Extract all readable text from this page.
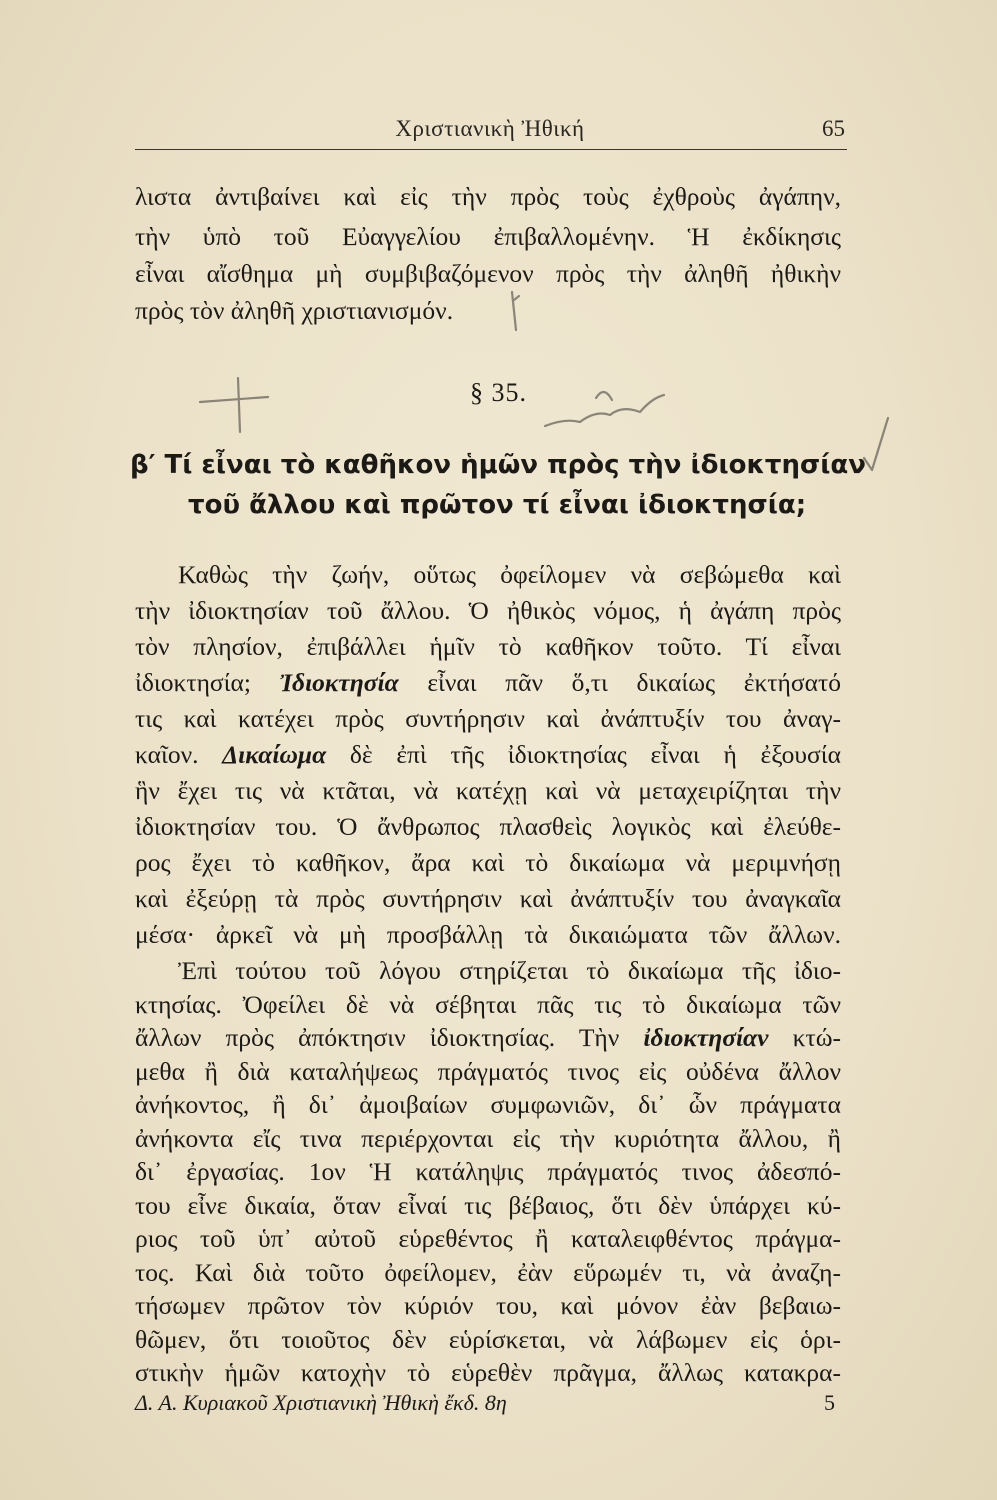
Χριστιανικὴ Ἠθική	65
λιστα ἀντιβαίνει καὶ εἰς τὴν πρὸς τοὺς ἐχθροὺς ἀγάπην,
τὴν ὑπὸ τοῦ Εὐαγγελίου ἐπιβαλλομένην. Ἡ ἐκδίκησις
εἶναι αἴσθημα μὴ συμβιβαζόμενον πρὸς τὴν ἀληθῆ ἠθικὴν
πρὸς τὸν ἀληθῆ χριστιανισμόν.
§ 35.
β′ Τί εἶναι τὸ καθῆκον ἡμῶν πρὸς τὴν ἰδιοκτησίαν
τοῦ ἄλλου καὶ πρῶτον τί εἶναι ἰδιοκτησία;
Καθὼς τὴν ζωήν, οὕτως ὀφείλομεν νὰ σεβώμεθα καὶ
τὴν ἰδιοκτησίαν τοῦ ἄλλου. Ὁ ἠθικὸς νόμος, ἡ ἀγάπη πρὸς
τὸν πλησίον, ἐπιβάλλει ἡμῖν τὸ καθῆκον τοῦτο. Τί εἶναι
ἰδιοκτησία; Ἰδιοκτησία εἶναι πᾶν ὅ,τι δικαίως ἐκτήσατό
τις καὶ κατέχει πρὸς συντήρησιν καὶ ἀνάπτυξίν του ἀναγ-
καῖον. Δικαίωμα δὲ ἐπὶ τῆς ἰδιοκτησίας εἶναι ἡ ἐξουσία
ἣν ἔχει τις νὰ κτᾶται, νὰ κατέχῃ καὶ νὰ μεταχειρίζηται τὴν
ἰδιοκτησίαν του. Ὁ ἄνθρωπος πλασθεὶς λογικὸς καὶ ἐλεύθε-
ρος ἔχει τὸ καθῆκον, ἄρα καὶ τὸ δικαίωμα νὰ μεριμνήσῃ
καὶ ἐξεύρῃ τὰ πρὸς συντήρησιν καὶ ἀνάπτυξίν του ἀναγκαῖα
μέσα· ἀρκεῖ νὰ μὴ προσβάλλῃ τὰ δικαιώματα τῶν ἄλλων.
Ἐπὶ τούτου τοῦ λόγου στηρίζεται τὸ δικαίωμα τῆς ἰδιο-
κτησίας. Ὀφείλει δὲ νὰ σέβηται πᾶς τις τὸ δικαίωμα τῶν
ἄλλων πρὸς ἀπόκτησιν ἰδιοκτησίας. Τὴν ἰδιοκτησίαν κτώ-
μεθα ἢ διὰ καταλήψεως πράγματός τινος εἰς οὐδένα ἄλλον
ἀνήκοντος, ἢ δι᾽ ἀμοιβαίων συμφωνιῶν, δι᾽ ὧν πράγματα
ἀνήκοντα εἴς τινα περιέρχονται εἰς τὴν κυριότητα ἄλλου, ἢ
δι᾽ ἐργασίας. 1ον Ἡ κατάληψις πράγματός τινος ἀδεσπό-
του εἶνε δικαία, ὅταν εἶναί τις βέβαιος, ὅτι δὲν ὑπάρχει κύ-
ριος τοῦ ὑπ᾽ αὐτοῦ εὑρεθέντος ἢ καταλειφθέντος πράγμα-
τος. Καὶ διὰ τοῦτο ὀφείλομεν, ἐὰν εὕρωμέν τι, νὰ ἀναζη-
τήσωμεν πρῶτον τὸν κύριόν του, καὶ μόνον ἐὰν βεβαιω-
θῶμεν, ὅτι τοιοῦτος δὲν εὑρίσκεται, νὰ λάβωμεν εἰς ὁρι-
Δ. Α. Κυριακοῦ Χριστιανικὴ Ἠθικὴ ἔκδ. 8η	5
στικὴν ἡμῶν κατοχὴν τὸ εὑρεθὲν πρᾶγμα, ἄλλως κατακρα-
